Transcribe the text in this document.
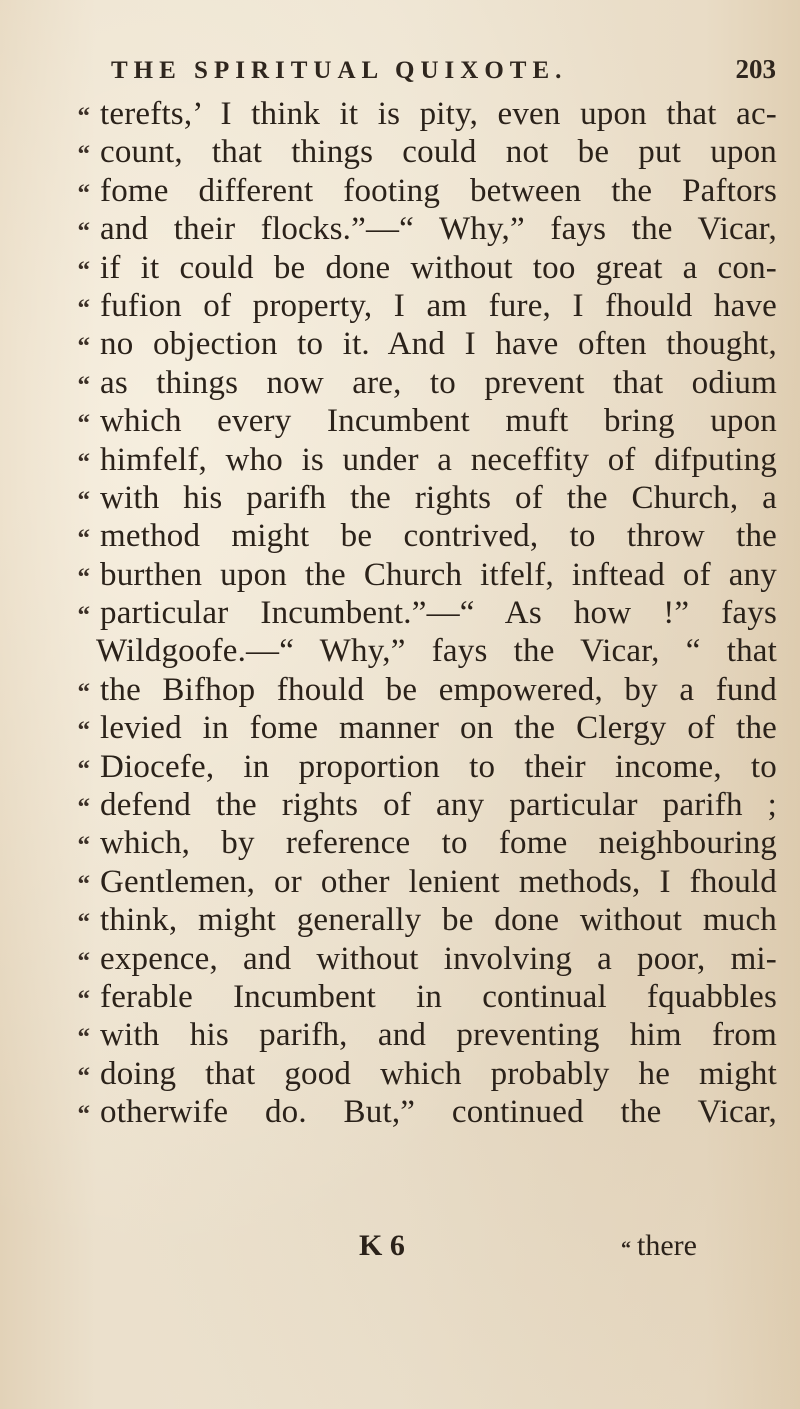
THE SPIRITUAL QUIXOTE.	203
“ terefts,’ I think it is pity, even upon that ac-
“ count, that things could not be put upon
“ fome different footing between the Paftors
“ and their flocks.”—“ Why,” fays the Vicar,
“ if it could be done without too great a con-
“ fufion of property, I am fure, I fhould have
“ no objection to it. And I have often thought,
“ as things now are, to prevent that odium
“ which every Incumbent muft bring upon
“ himfelf, who is under a neceffity of difputing
“ with his parifh the rights of the Church, a
“ method might be contrived, to throw the
“ burthen upon the Church itfelf, inftead of any
“ particular Incumbent.”—“ As how !” fays
Wildgoofe.—“ Why,” fays the Vicar, “ that
“ the Bifhop fhould be empowered, by a fund
“ levied in fome manner on the Clergy of the
“ Diocefe, in proportion to their income, to
“ defend the rights of any particular parifh ;
“ which, by reference to fome neighbouring
“ Gentlemen, or other lenient methods, I fhould
“ think, might generally be done without much
“ expence, and without involving a poor, mi-
“ ferable Incumbent in continual fquabbles
“ with his parifh, and preventing him from
“ doing that good which probably he might
“ otherwife do. But,” continued the Vicar,
K 6	“ there
